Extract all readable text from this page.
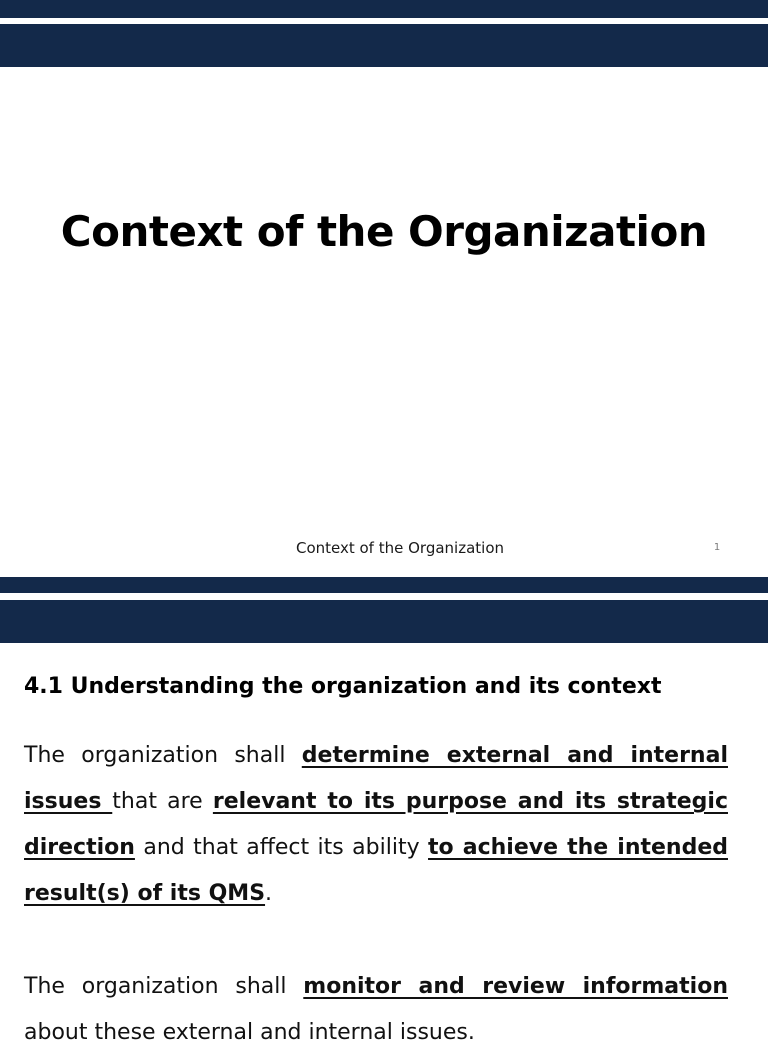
Context of the Organization
Context of the Organization	1
4.1 Understanding the organization and its context

The organization shall determine external and internal issues that are relevant to its purpose and its strategic direction and that affect its ability to achieve the intended result(s) of its QMS.

The organization shall monitor and review information about these external and internal issues.
